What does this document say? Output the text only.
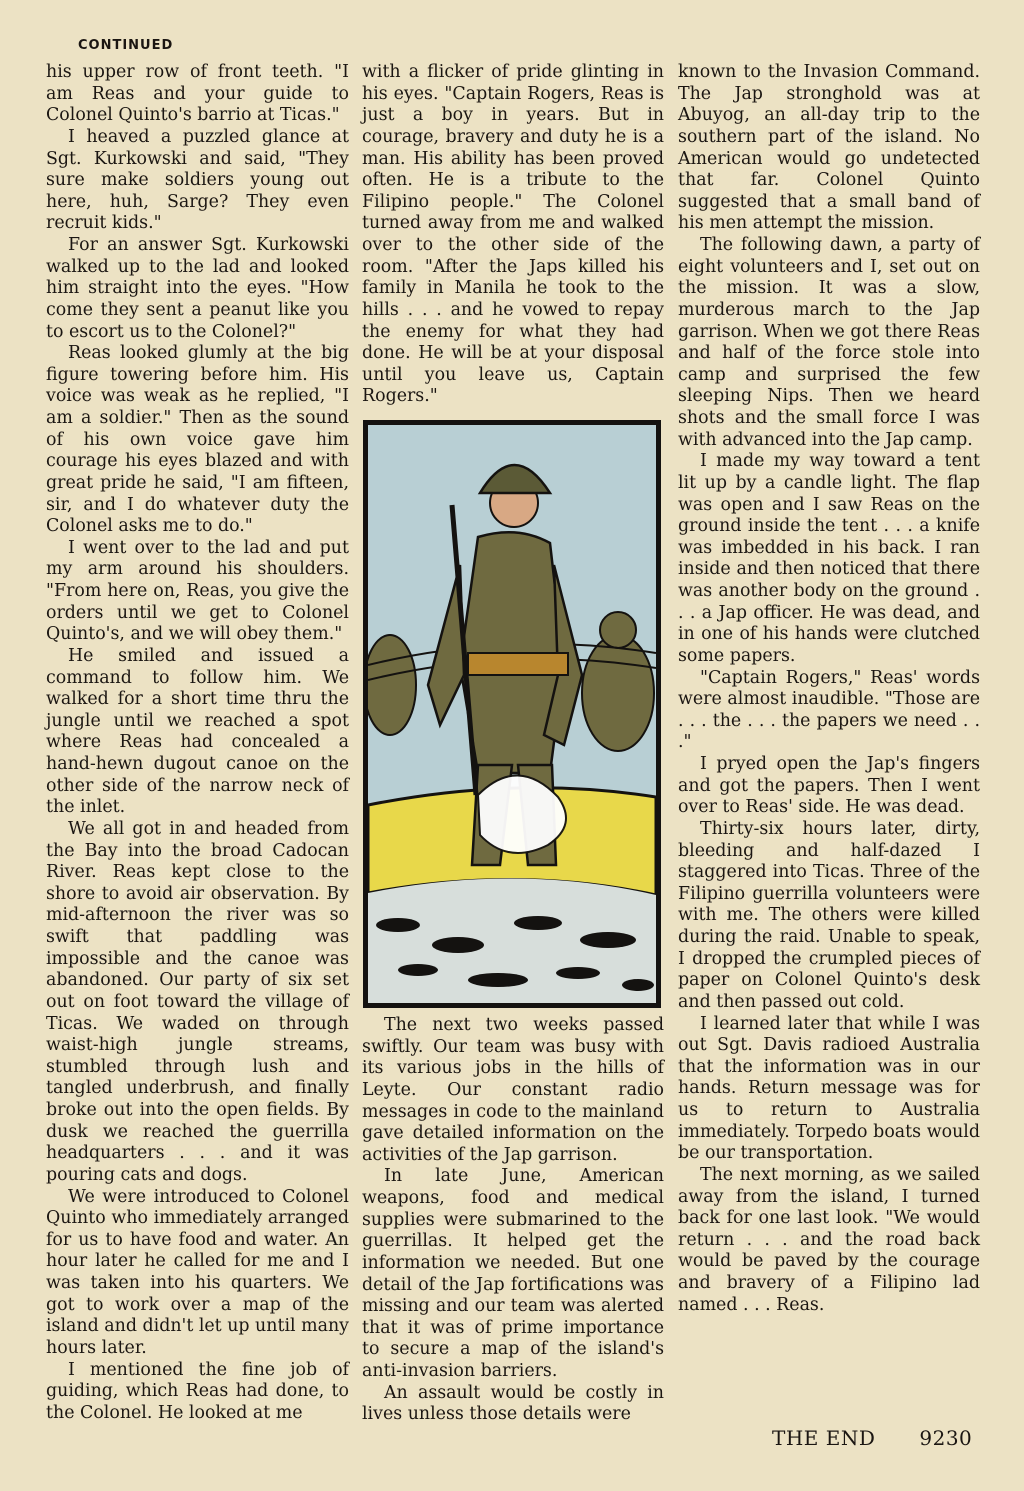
CONTINUED

his upper row of front teeth. "I am Reas and your guide to Colonel Quinto's barrio at Ticas."

I heaved a puzzled glance at Sgt. Kurkowski and said, "They sure make soldiers young out here, huh, Sarge? They even recruit kids."

For an answer Sgt. Kurkowski walked up to the lad and looked him straight into the eyes. "How come they sent a peanut like you to escort us to the Colonel?"

Reas looked glumly at the big figure towering before him. His voice was weak as he replied, "I am a soldier." Then as the sound of his own voice gave him courage his eyes blazed and with great pride he said, "I am fifteen, sir, and I do whatever duty the Colonel asks me to do."

I went over to the lad and put my arm around his shoulders. "From here on, Reas, you give the orders until we get to Colonel Quinto's, and we will obey them."

He smiled and issued a command to follow him. We walked for a short time thru the jungle until we reached a spot where Reas had concealed a hand-hewn dugout canoe on the other side of the narrow neck of the inlet.

We all got in and headed from the Bay into the broad Cadocan River. Reas kept close to the shore to avoid air observation. By mid-afternoon the river was so swift that paddling was impossible and the canoe was abandoned. Our party of six set out on foot toward the village of Ticas. We waded on through waist-high jungle streams, stumbled through lush and tangled underbrush, and finally broke out into the open fields. By dusk we reached the guerrilla headquarters . . . and it was pouring cats and dogs.

We were introduced to Colonel Quinto who immediately arranged for us to have food and water. An hour later he called for me and I was taken into his quarters. We got to work over a map of the island and didn't let up until many hours later.

I mentioned the fine job of guiding, which Reas had done, to the Colonel. He looked at me

with a flicker of pride glinting in his eyes. "Captain Rogers, Reas is just a boy in years. But in courage, bravery and duty he is a man. His ability has been proved often. He is a tribute to the Filipino people." The Colonel turned away from me and walked over to the other side of the room. "After the Japs killed his family in Manila he took to the hills . . . and he vowed to repay the enemy for what they had done. He will be at your disposal until you leave us, Captain Rogers."

The next two weeks passed swiftly. Our team was busy with its various jobs in the hills of Leyte. Our constant radio messages in code to the mainland gave detailed information on the activities of the Jap garrison.

In late June, American weapons, food and medical supplies were submarined to the guerrillas. It helped get the information we needed. But one detail of the Jap fortifications was missing and our team was alerted that it was of prime importance to secure a map of the island's anti-invasion barriers.

An assault would be costly in lives unless those details were

known to the Invasion Command. The Jap stronghold was at Abuyog, an all-day trip to the southern part of the island. No American would go undetected that far. Colonel Quinto suggested that a small band of his men attempt the mission.

The following dawn, a party of eight volunteers and I, set out on the mission. It was a slow, murderous march to the Jap garrison. When we got there Reas and half of the force stole into camp and surprised the few sleeping Nips. Then we heard shots and the small force I was with advanced into the Jap camp.

I made my way toward a tent lit up by a candle light. The flap was open and I saw Reas on the ground inside the tent . . . a knife was imbedded in his back. I ran inside and then noticed that there was another body on the ground . . . a Jap officer. He was dead, and in one of his hands were clutched some papers.

"Captain Rogers," Reas' words were almost inaudible. "Those are . . . the . . . the papers we need . . ."

I pryed open the Jap's fingers and got the papers. Then I went over to Reas' side. He was dead.

Thirty-six hours later, dirty, bleeding and half-dazed I staggered into Ticas. Three of the Filipino guerrilla volunteers were with me. The others were killed during the raid. Unable to speak, I dropped the crumpled pieces of paper on Colonel Quinto's desk and then passed out cold.

I learned later that while I was out Sgt. Davis radioed Australia that the information was in our hands. Return message was for us to return to Australia immediately. Torpedo boats would be our transportation.

The next morning, as we sailed away from the island, I turned back for one last look. "We would return . . . and the road back would be paved by the courage and bravery of a Filipino lad named . . . Reas.

THE END 9230
